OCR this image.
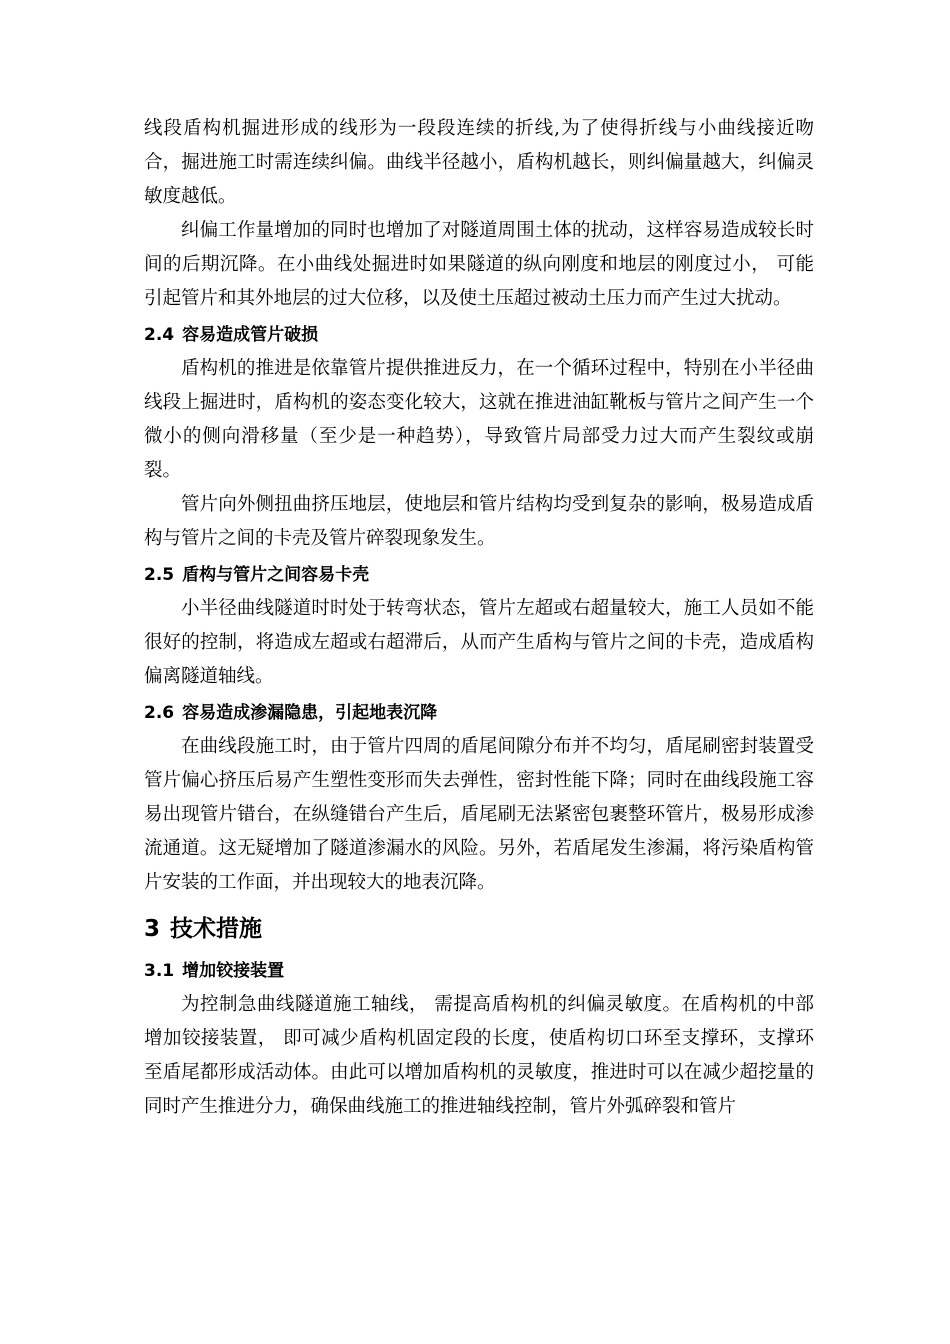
线段盾构机掘进形成的线形为一段段连续的折线,为了使得折线与小曲线接近吻合，掘进施工时需连续纠偏。曲线半径越小，盾构机越长，则纠偏量越大，纠偏灵敏度越低。

纠偏工作量增加的同时也增加了对隧道周围土体的扰动，这样容易造成较长时间的后期沉降。在小曲线处掘进时如果隧道的纵向刚度和地层的刚度过小， 可能引起管片和其外地层的过大位移，以及使土压超过被动土压力而产生过大扰动。

2.4 容易造成管片破损

盾构机的推进是依靠管片提供推进反力，在一个循环过程中，特别在小半径曲线段上掘进时，盾构机的姿态变化较大，这就在推进油缸靴板与管片之间产生一个微小的侧向滑移量（至少是一种趋势），导致管片局部受力过大而产生裂纹或崩裂。

管片向外侧扭曲挤压地层，使地层和管片结构均受到复杂的影响，极易造成盾构与管片之间的卡壳及管片碎裂现象发生。

2.5 盾构与管片之间容易卡壳

小半径曲线隧道时时处于转弯状态，管片左超或右超量较大，施工人员如不能很好的控制，将造成左超或右超滞后，从而产生盾构与管片之间的卡壳，造成盾构偏离隧道轴线。

2.6 容易造成渗漏隐患，引起地表沉降

在曲线段施工时，由于管片四周的盾尾间隙分布并不均匀，盾尾刷密封装置受管片偏心挤压后易产生塑性变形而失去弹性，密封性能下降；同时在曲线段施工容易出现管片错台，在纵缝错台产生后，盾尾刷无法紧密包裹整环管片，极易形成渗流通道。这无疑增加了隧道渗漏水的风险。另外，若盾尾发生渗漏，将污染盾构管片安装的工作面，并出现较大的地表沉降。

3 技术措施
3.1 增加铰接装置

为控制急曲线隧道施工轴线， 需提高盾构机的纠偏灵敏度。在盾构机的中部增加铰接装置， 即可减少盾构机固定段的长度，使盾构切口环至支撑环，支撑环至盾尾都形成活动体。由此可以增加盾构机的灵敏度，推进时可以在减少超挖量的同时产生推进分力，确保曲线施工的推进轴线控制，管片外弧碎裂和管片
